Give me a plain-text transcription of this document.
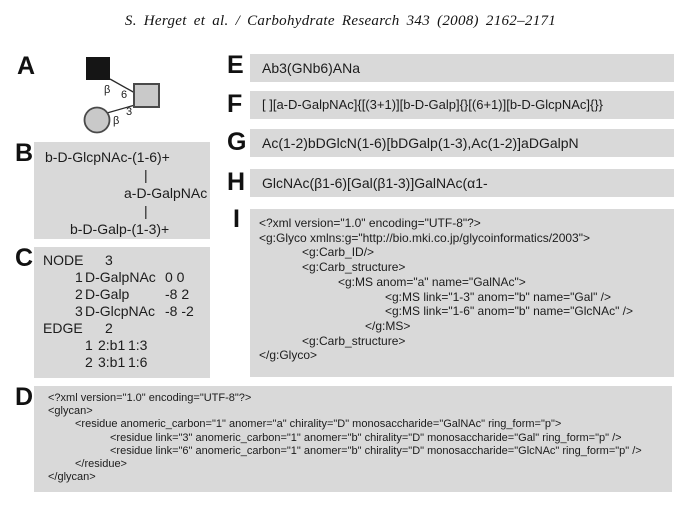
S. Herget et al. / Carbohydrate Research 343 (2008) 2162–2171
A
β 6
3
β
B b-D-GlcpNAc-(1-6)+
|
a-D-GalpNAc
|
b-D-Galp-(1-3)+
C NODE 3
1 D-GalpNAc 0 0
2 D-Galp	-8 2
3 D-GlcpNAc -8 -2
EDGE 2
1 2:b1 1:3
2 3:b1 1:6
D <?xml version="1.0" encoding="UTF-8"?>
<glycan>
<residue anomeric_carbon="1" anomer="a" chirality="D" monosaccharide="GalNAc" ring_form="p">
<residue link="3" anomeric_carbon="1" anomer="b" chirality="D" monosaccharide="Gal" ring_form="p" />
<residue link="6" anomeric_carbon="1" anomer="b" chirality="D" monosaccharide="GlcNAc" ring_form="p" />
</residue>
</glycan>
E	Ab3(GNb6)ANa
F	[ ][a-D-GalpNAc]{[(3+1)][b-D-Galp]{}[(6+1)][b-D-GlcpNAc]{}}
G	Ac(1-2)bDGlcN(1-6)[bDGalp(1-3),Ac(1-2)]aDGalpN
H	GlcNAc(β1-6)[Gal(β1-3)]GalNAc(α1-
I <?xml version="1.0" encoding="UTF-8"?>
<g:Glyco xmlns:g="http://bio.mki.co.jp/glycoinformatics/2003">
<g:Carb_ID/>
<g:Carb_structure>
<g:MS anom="a" name="GalNAc">
<g:MS link="1-3" anom="b" name="Gal" />
<g:MS link="1-6" anom="b" name="GlcNAc" />
</g:MS>
<g:Carb_structure>
</g:Glyco>
